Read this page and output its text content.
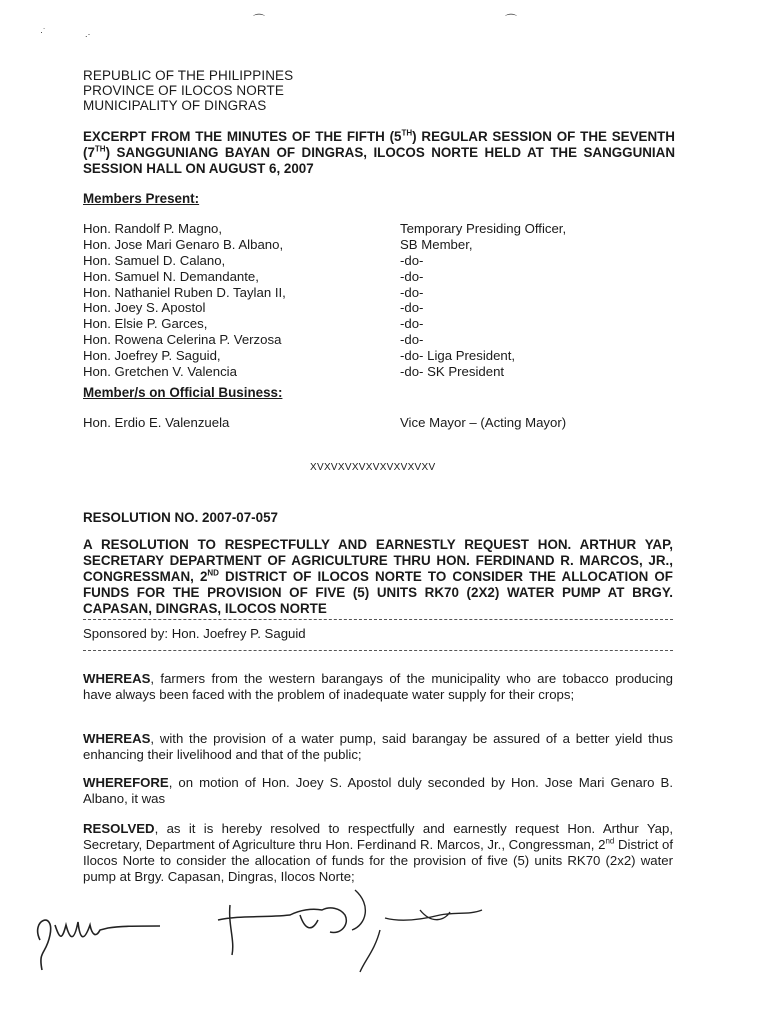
⌒	⌒
·˙	.·
REPUBLIC OF THE PHILIPPINES
PROVINCE OF ILOCOS NORTE
MUNICIPALITY OF DINGRAS
EXCERPT FROM THE MINUTES OF THE FIFTH (5TH) REGULAR SESSION OF THE SEVENTH (7TH) SANGGUNIANG BAYAN OF DINGRAS, ILOCOS NORTE HELD AT THE SANGGUNIAN SESSION HALL ON AUGUST 6, 2007
Members Present:
Hon. Randolf P. Magno,	Temporary Presiding Officer,
Hon. Jose Mari Genaro B. Albano,	SB Member,
Hon. Samuel D. Calano,	-do-
Hon. Samuel N. Demandante,	-do-
Hon. Nathaniel Ruben D. Taylan II,	-do-
Hon. Joey S. Apostol	-do-
Hon. Elsie P. Garces,	-do-
Hon. Rowena Celerina P. Verzosa	-do-
Hon. Joefrey P. Saguid,	-do- Liga President,
Hon. Gretchen V. Valencia	-do- SK President
Member/s on Official Business:
Hon. Erdio E. Valenzuela	Vice Mayor – (Acting Mayor)
XVXVXVXVXVXVXVXVXV
RESOLUTION NO. 2007-07-057
A RESOLUTION TO RESPECTFULLY AND EARNESTLY REQUEST HON. ARTHUR YAP, SECRETARY DEPARTMENT OF AGRICULTURE THRU HON. FERDINAND R. MARCOS, JR., CONGRESSMAN, 2ND DISTRICT OF ILOCOS NORTE TO CONSIDER THE ALLOCATION OF FUNDS FOR THE PROVISION OF FIVE (5) UNITS RK70 (2X2) WATER PUMP AT BRGY. CAPASAN, DINGRAS, ILOCOS NORTE
Sponsored by: Hon. Joefrey P. Saguid
WHEREAS, farmers from the western barangays of the municipality who are tobacco producing have always been faced with the problem of inadequate water supply for their crops;
WHEREAS, with the provision of a water pump, said barangay be assured of a better yield thus enhancing their livelihood and that of the public;
WHEREFORE, on motion of Hon. Joey S. Apostol duly seconded by Hon. Jose Mari Genaro B. Albano, it was
RESOLVED, as it is hereby resolved to respectfully and earnestly request Hon. Arthur Yap, Secretary, Department of Agriculture thru Hon. Ferdinand R. Marcos, Jr., Congressman, 2nd District of Ilocos Norte to consider the allocation of funds for the provision of five (5) units RK70 (2x2) water pump at Brgy. Capasan, Dingras, Ilocos Norte;
